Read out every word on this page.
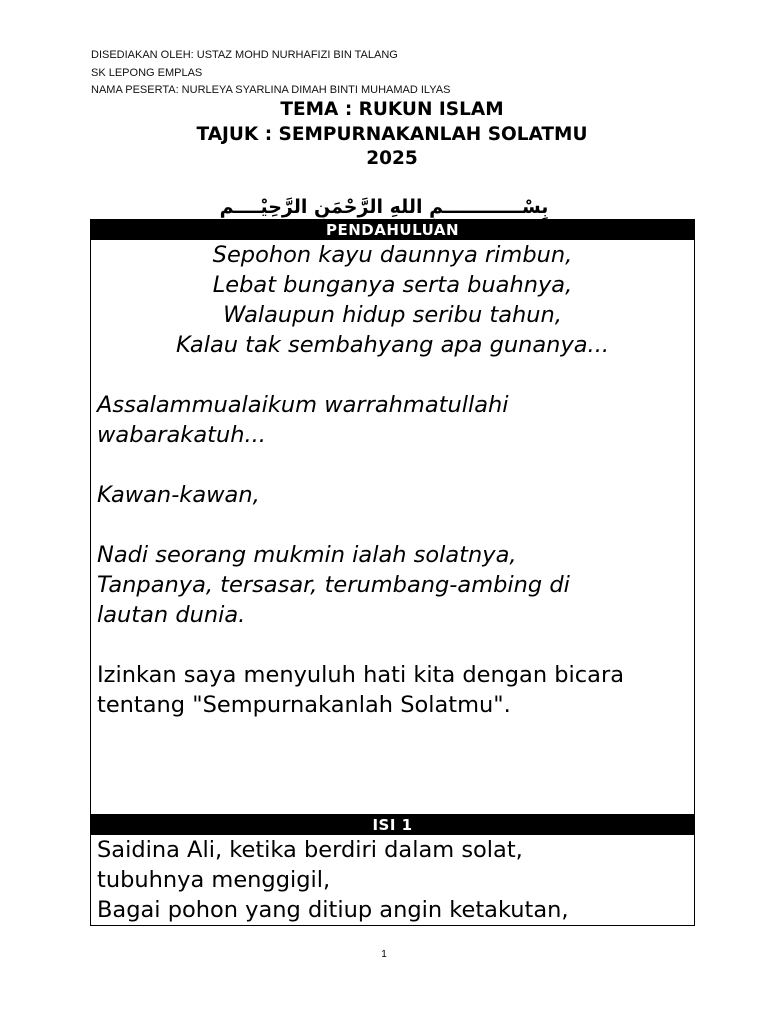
DISEDIAKAN OLEH: USTAZ MOHD NURHAFIZI BIN TALANG
SK LEPONG EMPLAS
NAMA PESERTA: NURLEYA SYARLINA DIMAH BINTI MUHAMAD ILYAS
TEMA : RUKUN ISLAM
TAJUK : SEMPURNAKANLAH SOLATMU
2025
بِسْــــــــــــمِ اللهِ الرَّحْمَنِ الرَّحِيْــــم
PENDAHULUAN
Sepohon kayu daunnya rimbun,
Lebat bunganya serta buahnya,
Walaupun hidup seribu tahun,
Kalau tak sembahyang apa gunanya...
Assalammualaikum warrahmatullahi
wabarakatuh...
Kawan-kawan,
Nadi seorang mukmin ialah solatnya,
Tanpanya, tersasar, terumbang-ambing di
lautan dunia.
Izinkan saya menyuluh hati kita dengan bicara
tentang "Sempurnakanlah Solatmu".
ISI 1
Saidina Ali, ketika berdiri dalam solat,
tubuhnya menggigil,
Bagai pohon yang ditiup angin ketakutan,
1
